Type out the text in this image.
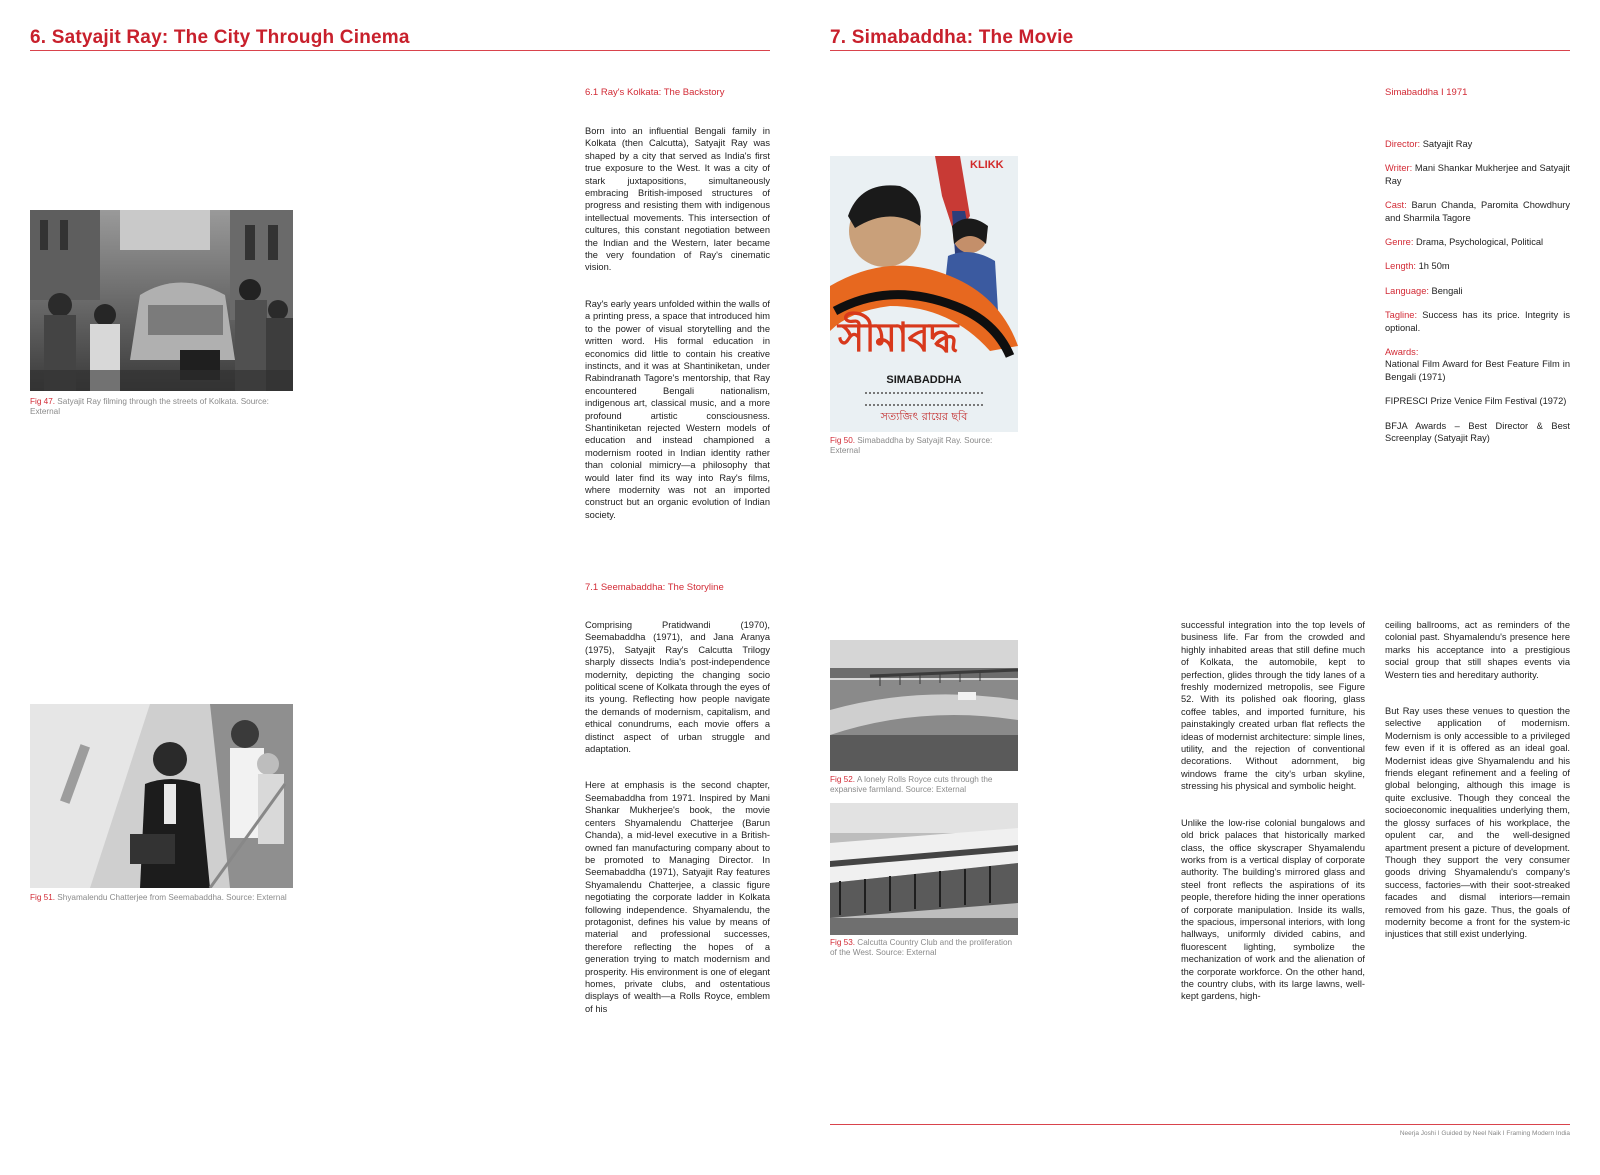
6. Satyajit Ray: The City Through Cinema
6.1 Ray's Kolkata: The Backstory

Born into an influential Bengali family in Kolkata (then Calcutta), Satyajit Ray was shaped by a city that served as India's first true exposure to the West. It was a city of stark juxtapositions, simultaneously embracing British-imposed structures of progress and resisting them with indigenous intellectual movements. This intersection of cultures, this constant negotiation between the Indian and the Western, later became the very foundation of Ray's cinematic vision.

Ray's early years unfolded within the walls of a printing press, a space that introduced him to the power of visual storytelling and the written word. His formal education in economics did little to contain his creative instincts, and it was at Shantiniketan, under Rabindranath Tagore's mentorship, that Ray encountered Bengali nationalism, indigenous art, classical music, and a more profound artistic consciousness. Shantiniketan rejected Western models of education and instead championed a modernism rooted in Indian identity rather than colonial mimicry—a philosophy that would later find its way into Ray's films, where modernity was not an imported construct but an organic evolution of Indian society.

7.1 Seemabaddha: The Storyline

Comprising Pratidwandi (1970), Seemabaddha (1971), and Jana Aranya (1975), Satyajit Ray's Calcutta Trilogy sharply dissects India's post-independence modernity, depicting the changing socio political scene of Kolkata through the eyes of its young. Reflecting how people navigate the demands of modernism, capitalism, and ethical conundrums, each movie offers a distinct aspect of urban struggle and adaptation.

Here at emphasis is the second chapter, Seemabaddha from 1971. Inspired by Mani Shankar Mukherjee's book, the movie centers Shyamalendu Chatterjee (Barun Chanda), a mid-level executive in a British-owned fan manufacturing company about to be promoted to Managing Director. In Seemabaddha (1971), Satyajit Ray features Shyamalendu Chatterjee, a classic figure negotiating the corporate ladder in Kolkata following independence. Shyamalendu, the protagonist, defines his value by means of material and professional successes, therefore reflecting the hopes of a generation trying to match modernism and prosperity. His environment is one of elegant homes, private clubs, and ostentatious displays of wealth—a Rolls Royce, emblem of his

Fig 47. Satyajit Ray filming through the streets of Kolkata. Source: External
Fig 51. Shyamalendu Chatterjee from Seemabaddha. Source: External
7. Simabaddha: The Movie
Simabaddha I 1971
Director: Satyajit Ray
Writer: Mani Shankar Mukherjee and Satyajit Ray
Cast: Barun Chanda, Paromita Chowdhury and Sharmila Tagore
Genre: Drama, Psychological, Political
Length: 1h 50m
Language: Bengali
Tagline: Success has its price. Integrity is optional.
Awards:
National Film Award for Best Feature Film in Bengali (1971)
FIPRESCI Prize Venice Film Festival (1972)
BFJA Awards – Best Director & Best Screenplay (Satyajit Ray)
KLIKK
সীমাবদ্ধ
SIMABADDHA
সত্যজিৎ রায়ের ছবি
Fig 50. Simabaddha by Satyajit Ray. Source: External
Fig 52. A lonely Rolls Royce cuts through the expansive farmland. Source: External
Fig 53. Calcutta Country Club and the proliferation of the West. Source: External

successful integration into the top levels of business life. Far from the crowded and highly inhabited areas that still define much of Kolkata, the automobile, kept to perfection, glides through the tidy lanes of a freshly modernized metropolis, see Figure 52. With its polished oak flooring, glass coffee tables, and imported furniture, his painstakingly created urban flat reflects the ideas of modernist architecture: simple lines, utility, and the rejection of conventional decorations. Without adornment, big windows frame the city's urban skyline, stressing his physical and symbolic height.

Unlike the low-rise colonial bungalows and old brick palaces that historically marked class, the office skyscraper Shyamalendu works from is a vertical display of corporate authority. The building's mirrored glass and steel front reflects the aspirations of its people, therefore hiding the inner operations of corporate manipulation. Inside its walls, the spacious, impersonal interiors, with long hallways, uniformly divided cabins, and fluorescent lighting, symbolize the mechanization of work and the alienation of the corporate workforce. On the other hand, the country clubs, with its large lawns, well-kept gardens, high-

ceiling ballrooms, act as reminders of the colonial past. Shyamalendu's presence here marks his acceptance into a prestigious social group that still shapes events via Western ties and hereditary authority.

But Ray uses these venues to question the selective application of modernism. Modernism is only accessible to a privileged few even if it is offered as an ideal goal. Modernist ideas give Shyamalendu and his friends elegant refinement and a feeling of global belonging, although this image is quite exclusive. Though they conceal the socioeconomic inequalities underlying them, the glossy surfaces of his workplace, the opulent car, and the well-designed apartment present a picture of development. Though they support the very consumer goods driving Shyamalendu's company's success, factories—with their soot-streaked facades and dismal interiors—remain removed from his gaze. Thus, the goals of modernity become a front for the system-ic injustices that still exist underlying.

Neerja Joshi I Guided by Neel Naik I Framing Modern India
